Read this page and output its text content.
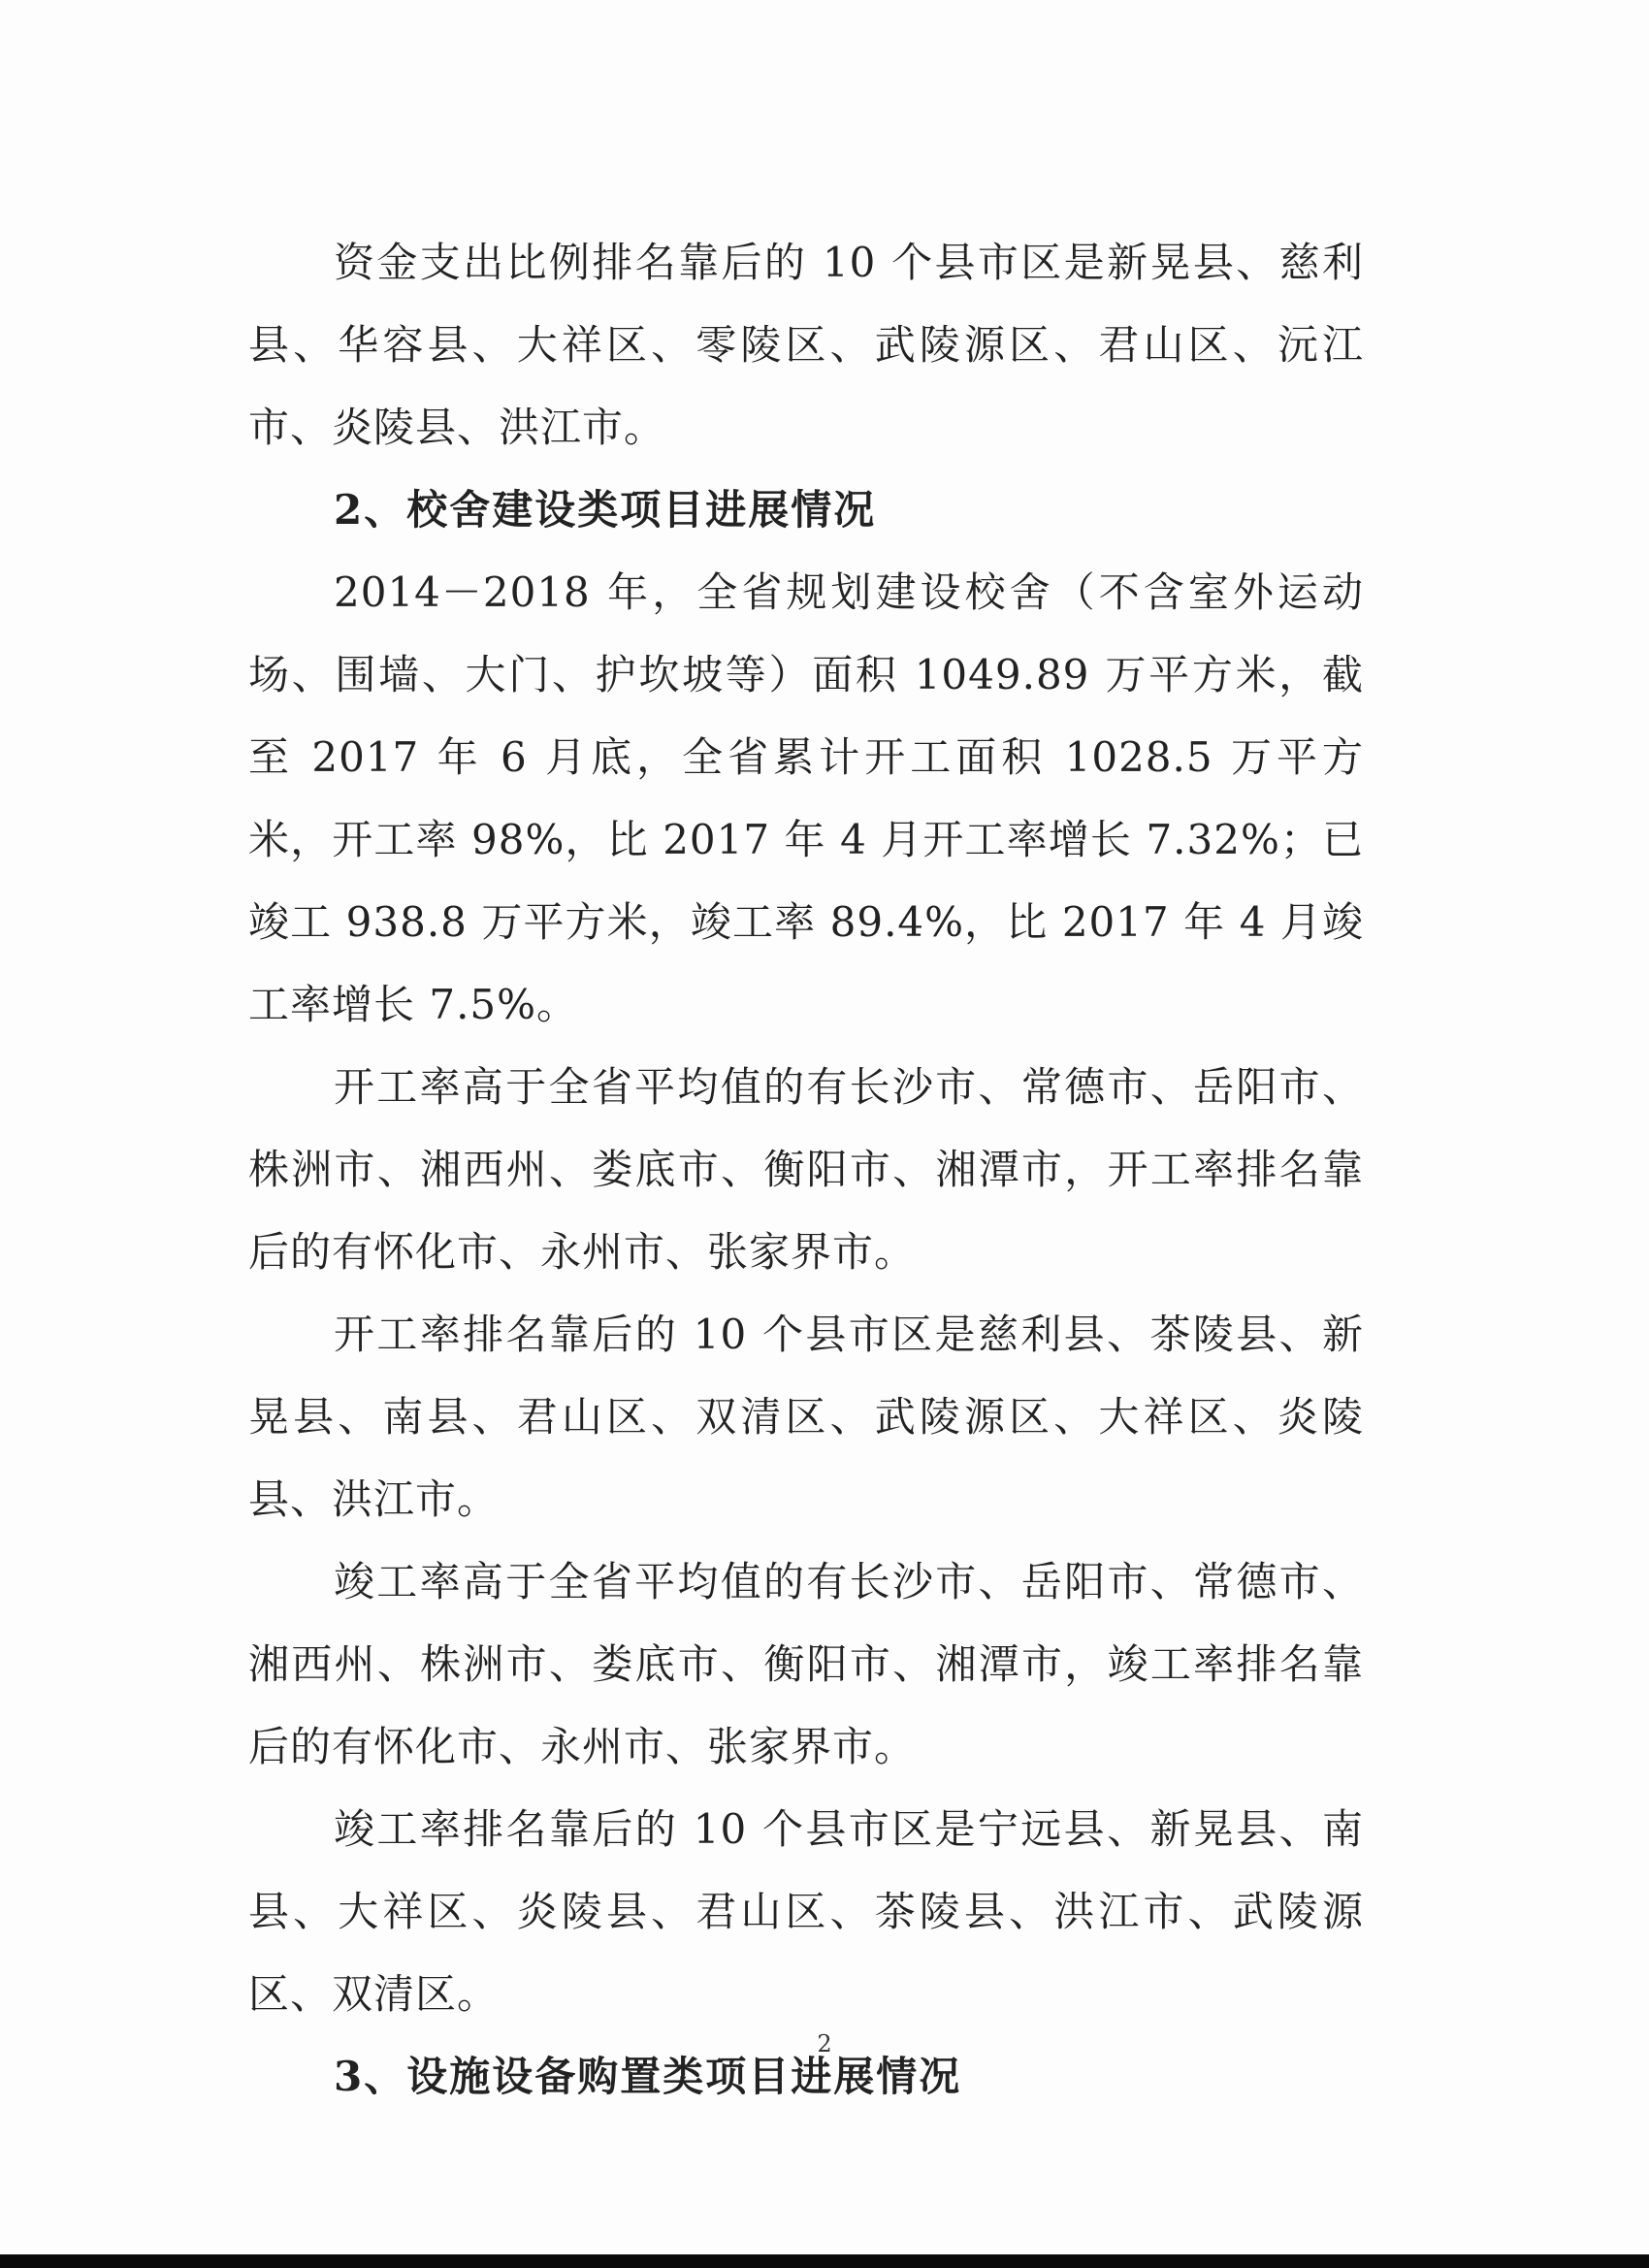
资金支出比例排名靠后的 10 个县市区是新晃县、慈利县、华容县、大祥区、零陵区、武陵源区、君山区、沅江市、炎陵县、洪江市。

2、校舍建设类项目进展情况

2014－2018 年，全省规划建设校舍（不含室外运动场、围墙、大门、护坎坡等）面积 1049.89 万平方米，截至 2017 年 6 月底，全省累计开工面积 1028.5 万平方米，开工率 98%，比 2017 年 4 月开工率增长 7.32%；已竣工 938.8 万平方米，竣工率 89.4%，比 2017 年 4 月竣工率增长 7.5%。

开工率高于全省平均值的有长沙市、常德市、岳阳市、株洲市、湘西州、娄底市、衡阳市、湘潭市，开工率排名靠后的有怀化市、永州市、张家界市。

开工率排名靠后的 10 个县市区是慈利县、茶陵县、新晃县、南县、君山区、双清区、武陵源区、大祥区、炎陵县、洪江市。

竣工率高于全省平均值的有长沙市、岳阳市、常德市、湘西州、株洲市、娄底市、衡阳市、湘潭市，竣工率排名靠后的有怀化市、永州市、张家界市。

竣工率排名靠后的 10 个县市区是宁远县、新晃县、南县、大祥区、炎陵县、君山区、茶陵县、洪江市、武陵源区、双清区。

3、设施设备购置类项目进展情况

2
